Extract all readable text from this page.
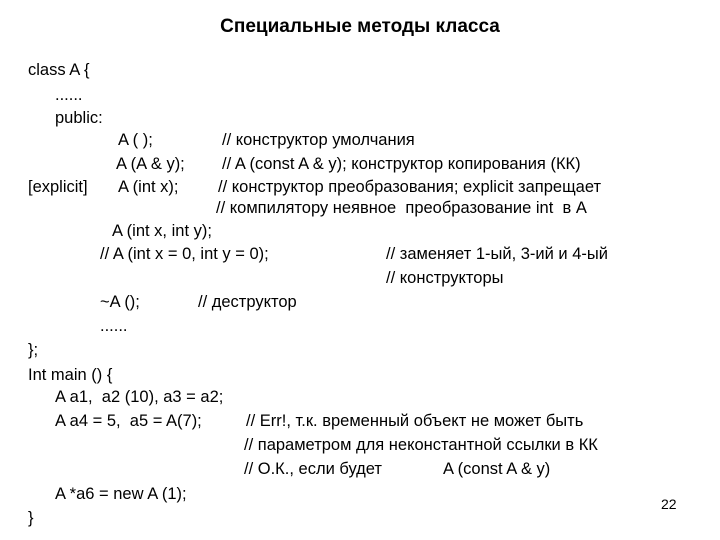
Специальные методы класса
class A {
......
public:
A ( );	// конструктор умолчания
A (A & y); // A (const A & y); конструктор копирования (КК)
[explicit] A (int x); // конструктор преобразования; explicit запрещает
// компилятору неявное  преобразование int  в A
A (int x, int y);
// A (int x = 0, int y = 0);	// заменяет 1-ый, 3-ий и 4-ый
// конструкторы
~A ();	// деструктор
......
};
Int main () {
A a1,  a2 (10), a3 = a2;
A a4 = 5,  a5 = A(7);	// Err!, т.к. временный объект не может быть
// параметром для неконстантной ссылки в КК
// О.К., если будет	A (const A & y)
A *a6 = new A (1);
}
22
